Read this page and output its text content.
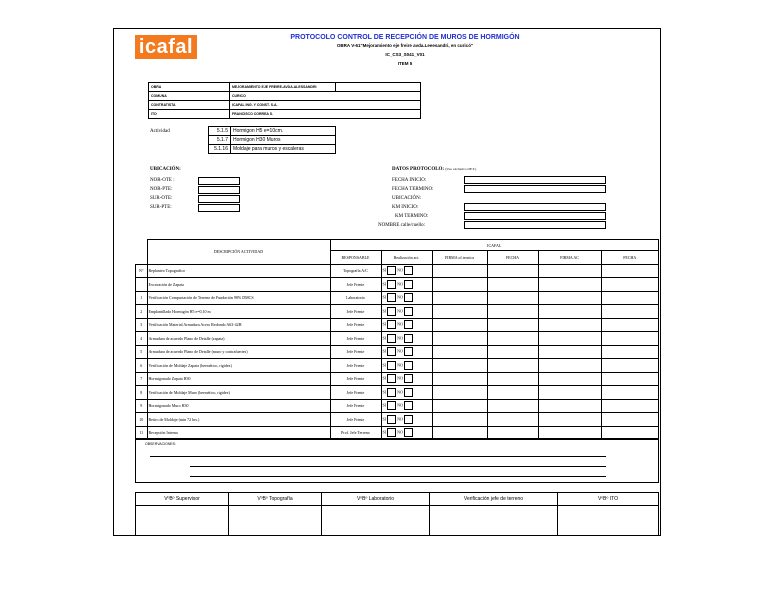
icafal	PROTOCOLO CONTROL DE RECEPCIÓN DE MUROS DE HORMIGÓN
OBRA V-61"Mejoramiento eje freire avda.Leeesandri, en curicó"
IC_CS3_S041_V01
ITEM 5
OBRA	MEJORAMIENTO EJE FREIRE-AVDA.ALESSANDRI	
COMUNA	CURICO	
CONTRATISTA	ICAFAL ING. Y CONST. S.A.	
ITO	FRANCISCO CORREA S.	
Actividad	5.1.5	Hormigon H5 e=10cm.
5.1.7	Hormigon H30 Muros
5.1.16	Moldaje para muros y escaleras
UBICACIÓN:
NOR-OTE :
NOR-PTE:
SUR-OTE:
SUR-PTE:
DATOS PROTOCOLO: (Uso exclusivo OF.T.)
FECHA INICIO:
FECHA TERMINO:
UBICACIÓN:
KM INICIO:
KM TERMINO:
NOMBRE calle/cuello:
	DESCRIPCIÓN ACTIVIDAD	ICAFAL					
		RESPONSABLE	Realización act.	FIRMA of.tecnica	FECHA	FIRMA AC	FECHA
N°	Replanteo Topografico	Topografía A/C	SI NO				
	Excavación de Zapata	Jefe Frente	SI NO				
1	Verificación Compactación de Terreno de Fundación 98% DMCS	Laboratorio	SI NO				
2	Emplantillado Hormigón H5 e=0,10 m	Jefe Frente	SI NO				
3	Verificación Material Armadura Acero Redondo A63-42H	Jefe Frente	SI NO				
4	Armadura de acuerdo Plano de Detalle (zapata)	Jefe Frente	SI NO				
5	Armadura de acuerdo Plano de Detalle (muro y contrafuertes)	Jefe Frente	SI NO				
6	Verificación de Moldaje Zapata (hermético, rigidez)	Jefe Frente	SI NO				
7	Hormigonado Zapata H30	Jefe Frente	SI NO				
8	Verificación de Moldaje Muro (hermético, rigidez)	Jefe Frente	SI NO				
9	Hormigonado Muro H30	Jefe Frente	SI NO				
10	Retiro de Moldaje (min 72 hrs.)	Jefe Frente	SI NO				
11	Recepción Interna	Prof. Jefe Terreno	SI NO				
OBSERVACIONES:
VºBº Supervisor	VºBº Topografía	VºBº Laboratorio	Verificación jefe de terreno	VºBº ITO
